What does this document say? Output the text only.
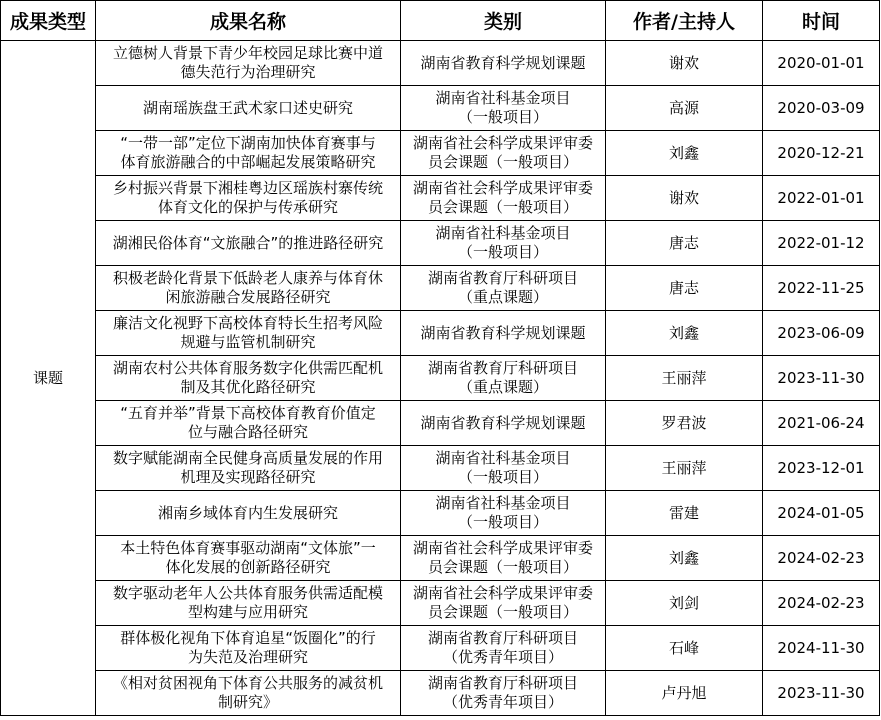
成果类型	成果名称	类别	作者/主持人	时间

课题	立德树人背景下青少年校园足球比赛中道
德失范行为治理研究	湖南省教育科学规划课题	谢欢	2020-01-01

	湖南瑶族盘王武术家口述史研究	湖南省社科基金项目
（一般项目）	高源	2020-03-09

	“一带一部”定位下湖南加快体育赛事与
体育旅游融合的中部崛起发展策略研究	湖南省社会科学成果评审委
员会课题（一般项目）	刘鑫	2020-12-21

	乡村振兴背景下湘桂粤边区瑶族村寨传统
体育文化的保护与传承研究	湖南省社会科学成果评审委
员会课题（一般项目）	谢欢	2022-01-01

	湖湘民俗体育“文旅融合”的推进路径研究	湖南省社科基金项目
（一般项目）	唐志	2022-01-12

	积极老龄化背景下低龄老人康养与体育休
闲旅游融合发展路径研究	湖南省教育厅科研项目
（重点课题）	唐志	2022-11-25

	廉洁文化视野下高校体育特长生招考风险
规避与监管机制研究	湖南省教育科学规划课题	刘鑫	2023-06-09

	湖南农村公共体育服务数字化供需匹配机
制及其优化路径研究	湖南省教育厅科研项目
（重点课题）	王丽萍	2023-11-30

	“五育并举”背景下高校体育教育价值定
位与融合路径研究	湖南省教育科学规划课题	罗君波	2021-06-24

	数字赋能湖南全民健身高质量发展的作用
机理及实现路径研究	湖南省社科基金项目
（一般项目）	王丽萍	2023-12-01

	湘南乡域体育内生发展研究	湖南省社科基金项目
（一般项目）	雷建	2024-01-05

	本土特色体育赛事驱动湖南“文体旅”一
体化发展的创新路径研究	湖南省社会科学成果评审委
员会课题（一般项目）	刘鑫	2024-02-23

	数字驱动老年人公共体育服务供需适配模
型构建与应用研究	湖南省社会科学成果评审委
员会课题（一般项目）	刘剑	2024-02-23

	群体极化视角下体育追星“饭圈化”的行
为失范及治理研究	湖南省教育厅科研项目
（优秀青年项目）	石峰	2024-11-30

	《相对贫困视角下体育公共服务的减贫机
制研究》	湖南省教育厅科研项目
（优秀青年项目）	卢丹旭	2023-11-30
